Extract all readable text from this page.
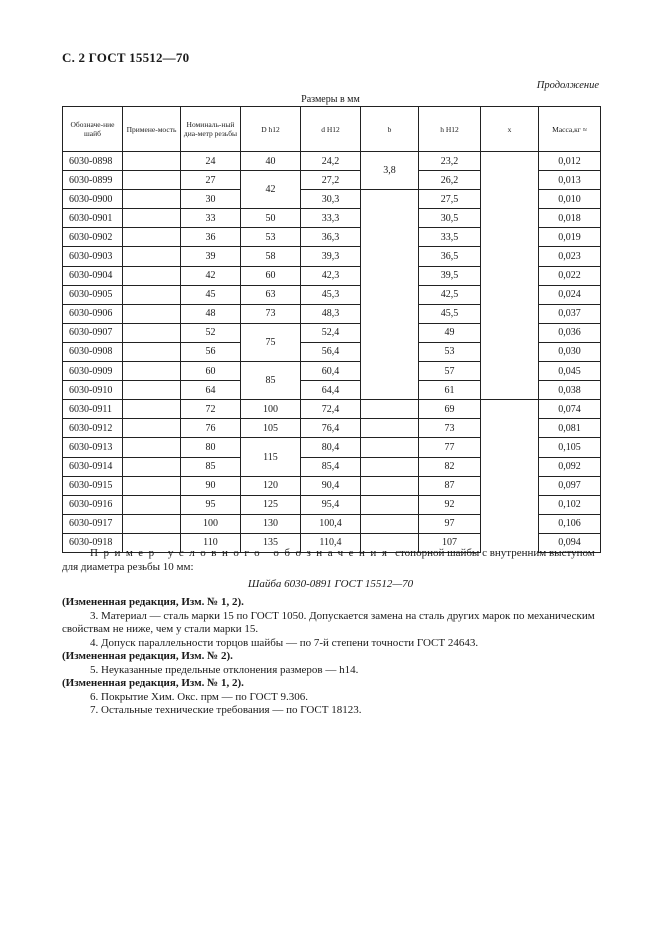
С. 2 ГОСТ 15512—70
Продолжение
Размеры в мм
Обозначе-ние шайб	Примене-мость	Номиналь-ный диа-метр резьбы	D h12	d H12	b	h H12	x	Масса,кг ≈
6030-0898		24	40	24,2	3,8	23,2		0,012
6030-0899		27	42	27,2		26,2		0,013
6030-0900		30		30,3		27,5		0,010
6030-0901		33	50	33,3		30,5		0,018
6030-0902		36	53	36,3		33,5		0,019
6030-0903		39	58	39,3		36,5		0,023
6030-0904		42	60	42,3		39,5		0,022
6030-0905		45	63	45,3		42,5		0,024
6030-0906		48	73	48,3		45,5		0,037
6030-0907		52	75	52,4		49		0,036
6030-0908		56		56,4		53		0,030
6030-0909		60	85	60,4		57		0,045
6030-0910		64		64,4		61		0,038
6030-0911		72	100	72,4		69		0,074
6030-0912		76	105	76,4		73		0,081
6030-0913		80	115	80,4		77		0,105
6030-0914		85		85,4		82		0,092
6030-0915		90	120	90,4		87		0,097
6030-0916		95	125	95,4		92		0,102
6030-0917		100	130	100,4		97		0,106
6030-0918		110	135	110,4		107		0,094
Пример условного обозначения стопорной шайбы с внутренним выступом для диаметра резьбы 10 мм:
Шайба 6030-0891 ГОСТ 15512—70

(Измененная редакция, Изм. № 1, 2).

3. Материал — сталь марки 15 по ГОСТ 1050. Допускается замена на сталь других марок по механическим свойствам не ниже, чем у стали марки 15.

4. Допуск параллельности торцов шайбы — по 7-й степени точности ГОСТ 24643.

(Измененная редакция, Изм. № 2).

5. Неуказанные предельные отклонения размеров — h14.

(Измененная редакция, Изм. № 1, 2).

6. Покрытие Хим. Окс. прм — по ГОСТ 9.306.

7. Остальные технические требования — по ГОСТ 18123.
